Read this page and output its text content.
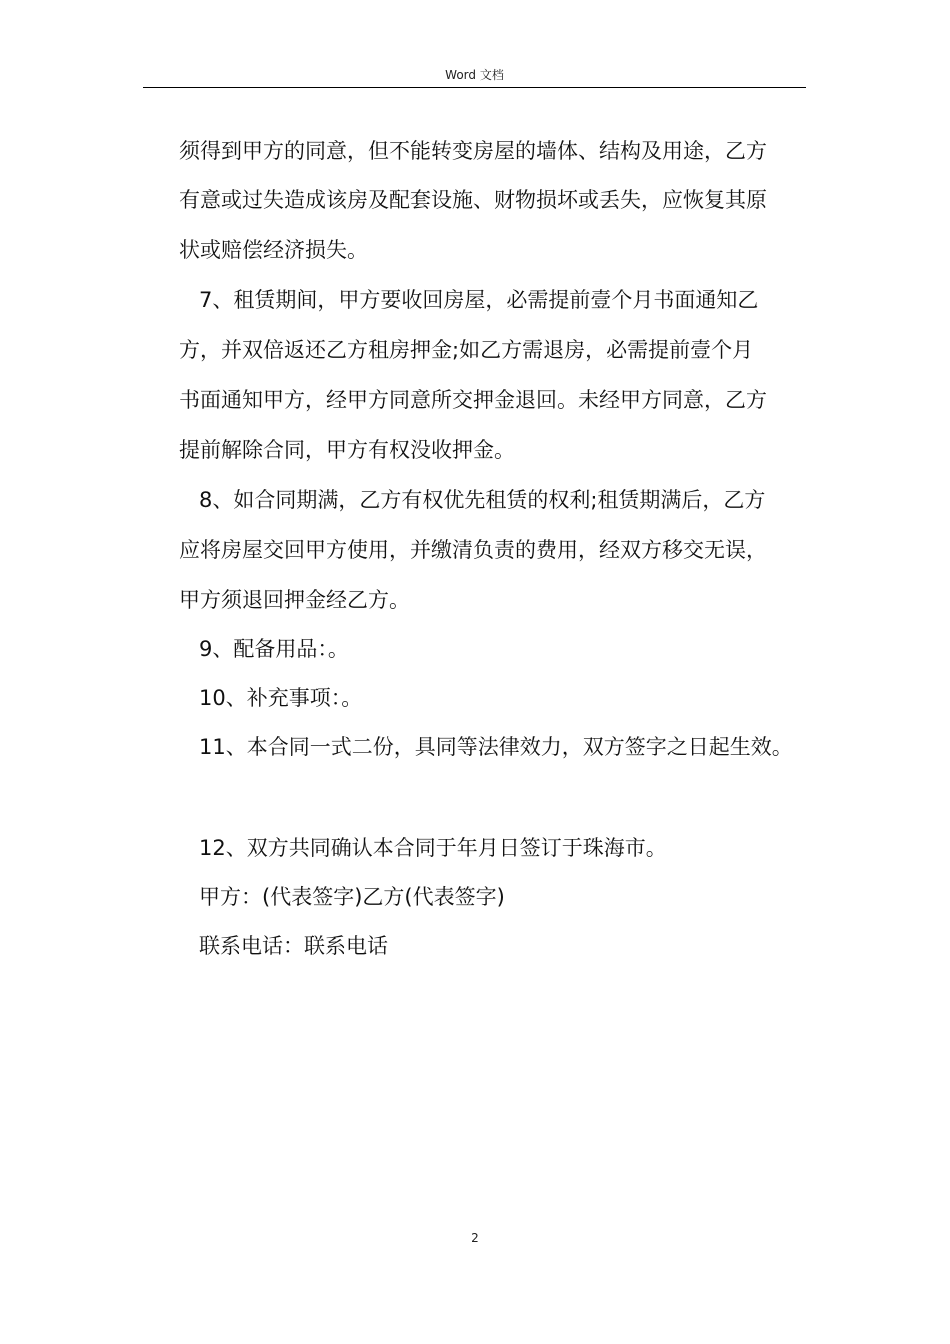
Word 文档
须得到甲方的同意，但不能转变房屋的墙体、结构及用途，乙方
有意或过失造成该房及配套设施、财物损坏或丢失，应恢复其原
状或赔偿经济损失。
7、租赁期间，甲方要收回房屋，必需提前壹个月书面通知乙
方，并双倍返还乙方租房押金;如乙方需退房，必需提前壹个月
书面通知甲方，经甲方同意所交押金退回。未经甲方同意，乙方
提前解除合同，甲方有权没收押金。
8、如合同期满，乙方有权优先租赁的权利;租赁期满后，乙方
应将房屋交回甲方使用，并缴清负责的费用，经双方移交无误，
甲方须退回押金经乙方。
9、配备用品：。
10、补充事项：。
11、本合同一式二份，具同等法律效力，双方签字之日起生效。
12、双方共同确认本合同于年月日签订于珠海市。
甲方：(代表签字)乙方(代表签字)
联系电话：联系电话
2
